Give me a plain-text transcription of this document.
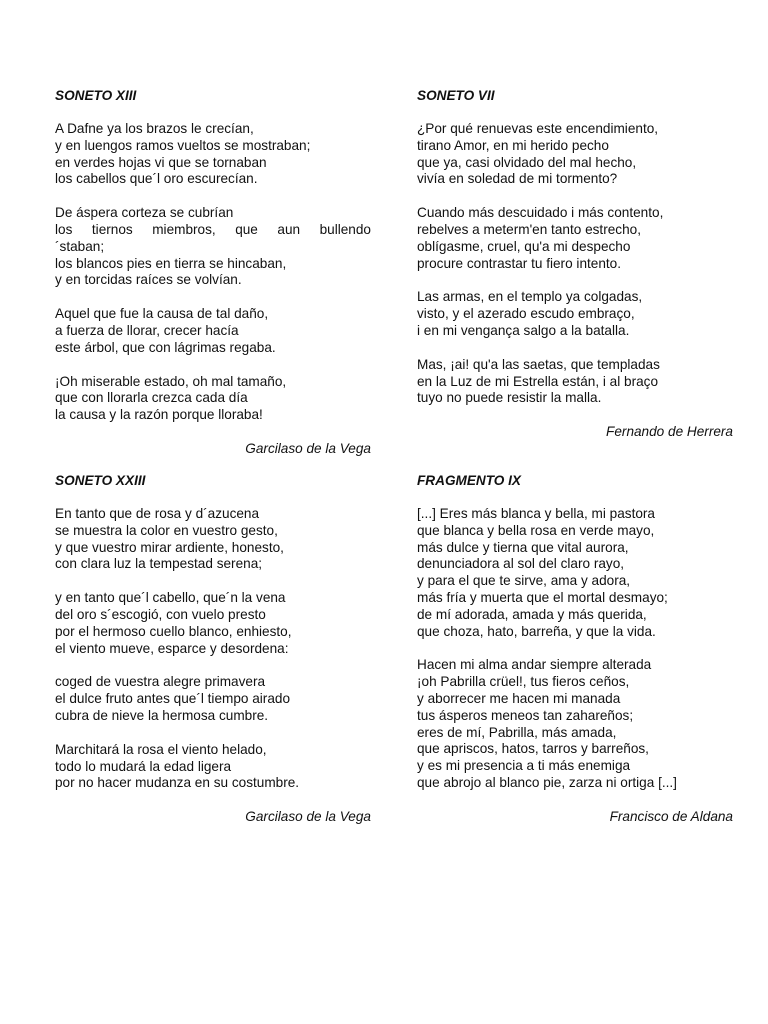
SONETO XIII
A Dafne ya los brazos le crecían,
y en luengos ramos vueltos se mostraban;
en verdes hojas vi que se tornaban
los cabellos que´l oro escurecían.
De áspera corteza se cubrían
los tiernos miembros, que aun bullendo
´staban;
los blancos pies en tierra se hincaban,
y en torcidas raíces se volvían.
Aquel que fue la causa de tal daño,
a fuerza de llorar, crecer hacía
este árbol, que con lágrimas regaba.
¡Oh miserable estado, oh mal tamaño,
que con llorarla crezca cada día
la causa y la razón porque lloraba!
Garcilaso de la Vega
SONETO VII
¿Por qué renuevas este encendimiento,
tirano Amor, en mi herido pecho
que ya, casi olvidado del mal hecho,
vivía en soledad de mi tormento?
Cuando más descuidado i más contento,
rebelves a meterm'en tanto estrecho,
oblígasme, cruel, qu'a mi despecho
procure contrastar tu fiero intento.
Las armas, en el templo ya colgadas,
visto, y el azerado escudo embraço,
i en mi vengança salgo a la batalla.
Mas, ¡ai! qu'a las saetas, que templadas
en la Luz de mi Estrella están, i al braço
tuyo no puede resistir la malla.
Fernando de Herrera
SONETO XXIII
En tanto que de rosa y d´azucena
se muestra la color en vuestro gesto,
y que vuestro mirar ardiente, honesto,
con clara luz la tempestad serena;
y en tanto que´l cabello, que´n la vena
del oro s´escogió, con vuelo presto
por el hermoso cuello blanco, enhiesto,
el viento mueve, esparce y desordena:
coged de vuestra alegre primavera
el dulce fruto antes que´l tiempo airado
cubra de nieve la hermosa cumbre.
Marchitará la rosa el viento helado,
todo lo mudará la edad ligera
por no hacer mudanza en su costumbre.
Garcilaso de la Vega
FRAGMENTO IX
[...] Eres más blanca y bella, mi pastora
que blanca y bella rosa en verde mayo,
más dulce y tierna que vital aurora,
denunciadora al sol del claro rayo,
y para el que te sirve, ama y adora,
más fría y muerta que el mortal desmayo;
de mí adorada, amada y más querida,
que choza, hato, barreña, y que la vida.
Hacen mi alma andar siempre alterada
¡oh Pabrilla crüel!, tus fieros ceños,
y aborrecer me hacen mi manada
tus ásperos meneos tan zahareños;
eres de mí, Pabrilla, más amada,
que apriscos, hatos, tarros y barreños,
y es mi presencia a ti más enemiga
que abrojo al blanco pie, zarza ni ortiga [...]
Francisco de Aldana
